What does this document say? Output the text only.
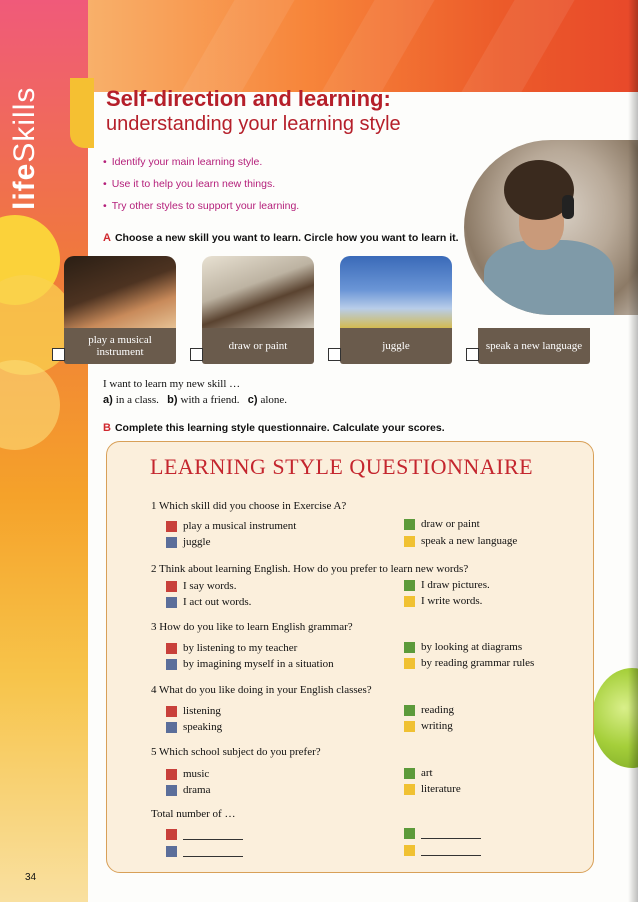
lifeSkills	Self-direction and learning:
understanding your learning style
• Identify your main learning style.
• Use it to help you learn new things.
• Try other styles to support your learning.
A Choose a new skill you want to learn. Circle how you want to learn it.
play a musical instrument	draw or paint	juggle	speak a new language
I want to learn my new skill …
a) in a class. b) with a friend. c) alone.
B Complete this learning style questionnaire. Calculate your scores.
LEARNING STYLE QUESTIONNAIRE
1 Which skill did you choose in Exercise A?
play a musical instrument
juggle
draw or paint
speak a new language
2 Think about learning English. How do you prefer to learn new words?
I say words.
I act out words.
I draw pictures.
I write words.
3 How do you like to learn English grammar?
by listening to my teacher
by imagining myself in a situation
by looking at diagrams
by reading grammar rules
4 What do you like doing in your English classes?
listening
speaking
reading
writing
5 Which school subject do you prefer?
music
drama
art
literature
Total number of …
34
